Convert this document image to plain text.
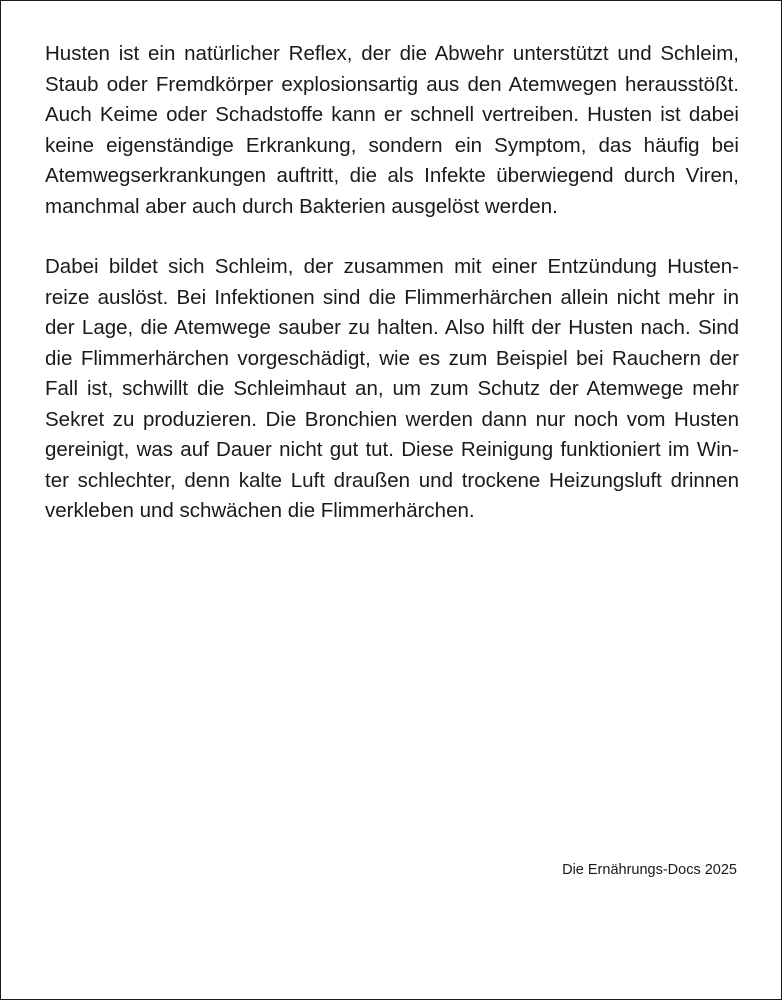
Husten ist ein natürlicher Reflex, der die Abwehr unterstützt und Schleim,
Staub oder Fremdkörper explosionsartig aus den Atemwegen herausstößt.
Auch Keime oder Schadstoffe kann er schnell vertreiben. Husten ist dabei
keine eigenständige Erkrankung, sondern ein Symptom, das häufig bei
Atemwegserkrankungen auftritt, die als Infekte überwiegend durch Viren,
manchmal aber auch durch Bakterien ausgelöst werden.
Dabei bildet sich Schleim, der zusammen mit einer Entzündung Husten-
reize auslöst. Bei Infektionen sind die Flimmerhärchen allein nicht mehr in
der Lage, die Atemwege sauber zu halten. Also hilft der Husten nach. Sind
die Flimmerhärchen vorgeschädigt, wie es zum Beispiel bei Rauchern der
Fall ist, schwillt die Schleimhaut an, um zum Schutz der Atemwege mehr
Sekret zu produzieren. Die Bronchien werden dann nur noch vom Husten
gereinigt, was auf Dauer nicht gut tut. Diese Reinigung funktioniert im Win-
ter schlechter, denn kalte Luft draußen und trockene Heizungsluft drinnen
verkleben und schwächen die Flimmerhärchen.
Die Ernährungs-Docs 2025
